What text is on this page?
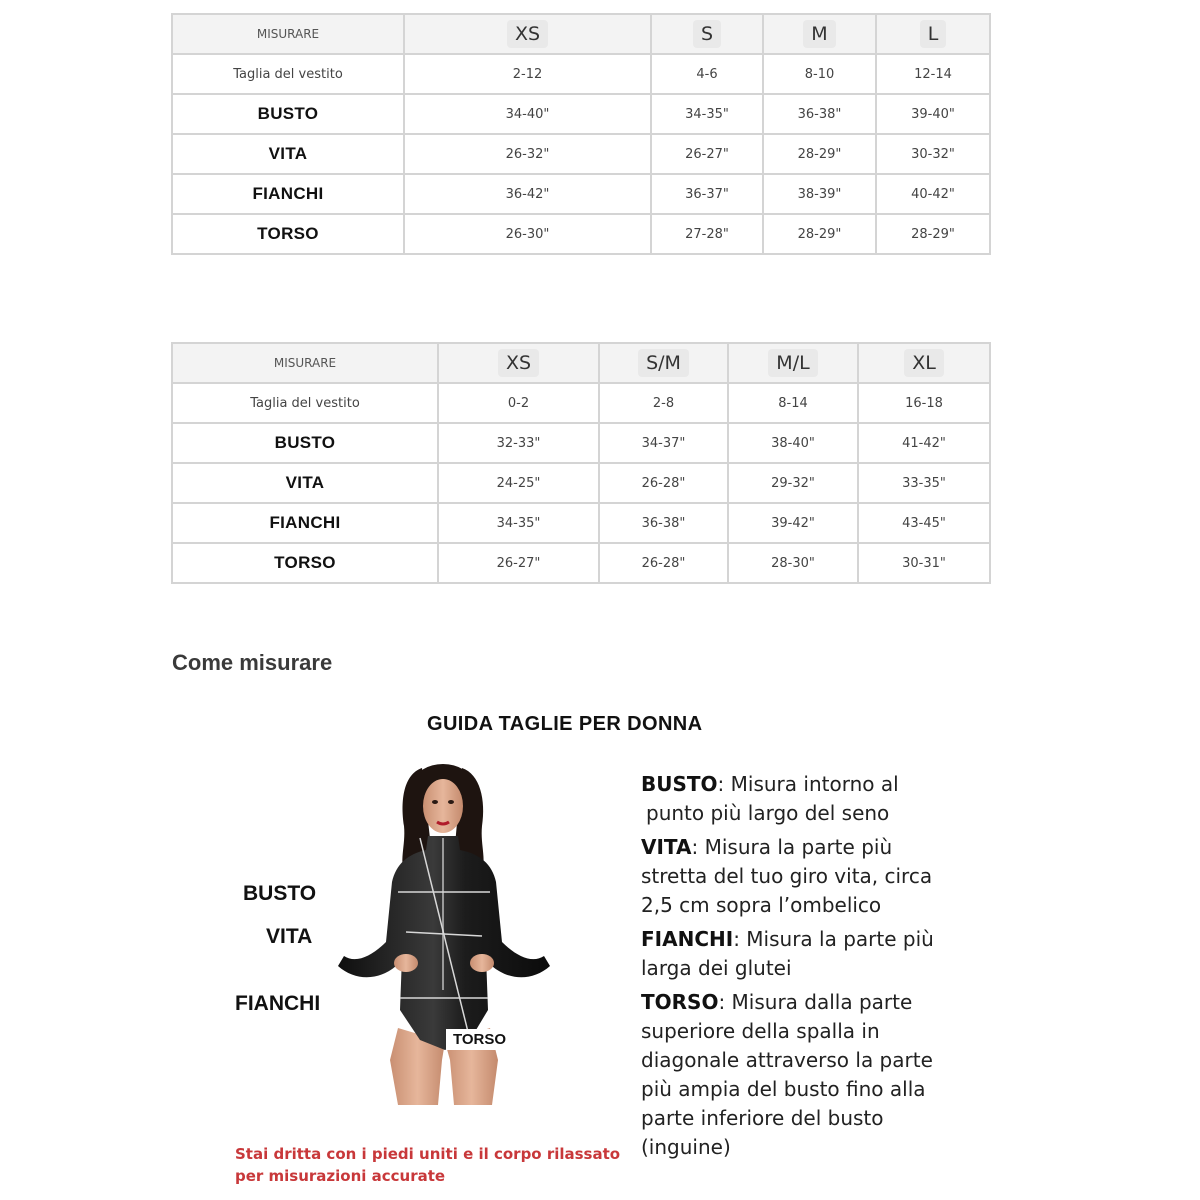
MISURARE	XS	S	M	L
Taglia del vestito	2-12	4-6	8-10	12-14
BUSTO	34-40"	34-35"	36-38"	39-40"
VITA	26-32"	26-27"	28-29"	30-32"
FIANCHI	36-42"	36-37"	38-39"	40-42"
TORSO	26-30"	27-28"	28-29"	28-29"
MISURARE	XS	S/M	M/L	XL
Taglia del vestito	0-2	2-8	8-14	16-18
BUSTO	32-33"	34-37"	38-40"	41-42"
VITA	24-25"	26-28"	29-32"	33-35"
FIANCHI	34-35"	36-38"	39-42"	43-45"
TORSO	26-27"	26-28"	28-30"	30-31"
Come misurare
GUIDA TAGLIE PER DONNA
BUSTO
VITA
FIANCHI
TORSO
BUSTO: Misura intorno al
punto più largo del seno
VITA: Misura la parte più stretta del tuo giro vita, circa 2,5 cm sopra l’ombelico
FIANCHI: Misura la parte più larga dei glutei
TORSO: Misura dalla parte superiore della spalla in diagonale attraverso la parte più ampia del busto fino alla parte inferiore del busto (inguine)
Stai dritta con i piedi uniti e il corpo rilassato per misurazioni accurate
